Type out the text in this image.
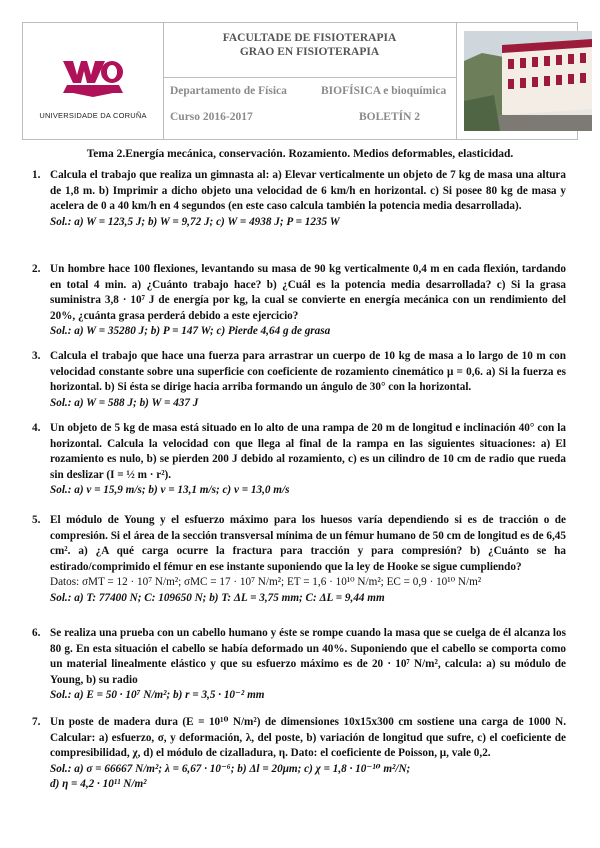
UNIVERSIDADE DA CORUÑA
FACULTADE DE FISIOTERAPIA
GRAO EN FISIOTERAPIA
Departamento de Física	BIOFÍSICA e bioquímica
Curso 2016-2017	BOLETÍN 2
Tema 2.Energía mecánica, conservación. Rozamiento. Medios deformables, elasticidad.
1. Calcula el trabajo que realiza un gimnasta al: a) Elevar verticalmente un objeto de 7 kg de masa una altura de 1,8 m. b) Imprimir a dicho objeto una velocidad de 6 km/h en horizontal. c) Si posee 80 kg de masa y acelera de 0 a 40 km/h en 4 segundos (en este caso calcula también la potencia media desarrollada).

Sol.: a) W = 123,5 J; b) W = 9,72 J; c) W = 4938 J; P = 1235 W

2. Un hombre hace 100 flexiones, levantando su masa de 90 kg verticalmente 0,4 m en cada flexión, tardando en total 4 min. a) ¿Cuánto trabajo hace? b) ¿Cuál es la potencia media desarrollada? c) Si la grasa suministra 3,8 · 10⁷ J de energía por kg, la cual se convierte en energía mecánica con un rendimiento del 20%, ¿cuánta grasa perderá debido a este ejercicio?

Sol.: a) W = 35280 J; b) P = 147 W; c) Pierde 4,64 g de grasa

3. Calcula el trabajo que hace una fuerza para arrastrar un cuerpo de 10 kg de masa a lo largo de 10 m con velocidad constante sobre una superficie con coeficiente de rozamiento cinemático μ = 0,6. a) Si la fuerza es horizontal. b) Si ésta se dirige hacia arriba formando un ángulo de 30° con la horizontal.

Sol.: a) W = 588 J; b) W = 437 J

4. Un objeto de 5 kg de masa está situado en lo alto de una rampa de 20 m de longitud e inclinación 40° con la horizontal. Calcula la velocidad con que llega al final de la rampa en las siguientes situaciones: a) El rozamiento es nulo, b) se pierden 200 J debido al rozamiento, c) es un cilindro de 10 cm de radio que rueda sin deslizar (I = ½ m · r²).

Sol.: a) v = 15,9 m/s; b) v = 13,1 m/s; c) v = 13,0 m/s

5. El módulo de Young y el esfuerzo máximo para los huesos varía dependiendo si es de tracción o de compresión. Si el área de la sección transversal mínima de un fémur humano de 50 cm de longitud es de 6,45 cm². a) ¿A qué carga ocurre la fractura para tracción y para compresión? b) ¿Cuánto se ha estirado/comprimido el fémur en ese instante suponiendo que la ley de Hooke se sigue cumpliendo?

Datos: σMT = 12 · 10⁷ N/m²; σMC = 17 · 10⁷ N/m²; ET = 1,6 · 10¹⁰ N/m²; EC = 0,9 · 10¹⁰ N/m²

Sol.: a) T: 77400 N; C: 109650 N; b) T: ΔL = 3,75 mm; C: ΔL = 9,44 mm

6. Se realiza una prueba con un cabello humano y éste se rompe cuando la masa que se cuelga de él alcanza los 80 g. En esta situación el cabello se había deformado un 40%. Suponiendo que el cabello se comporta como un material linealmente elástico y que su esfuerzo máximo es de 20 · 10⁷ N/m², calcula: a) su módulo de Young, b) su radio

Sol.: a) E = 50 · 10⁷ N/m²; b) r = 3,5 · 10⁻² mm

7. Un poste de madera dura (E = 10¹⁰ N/m²) de dimensiones 10x15x300 cm sostiene una carga de 1000 N. Calcular: a) esfuerzo, σ, y deformación, λ, del poste, b) variación de longitud que sufre, c) el coeficiente de compresibilidad, χ, d) el módulo de cizalladura, η. Dato: el coeficiente de Poisson, μ, vale 0,2.

Sol.: a) σ = 66667 N/m²; λ = 6,67 · 10⁻⁶; b) Δl = 20μm; c) χ = 1,8 · 10⁻¹⁰ m²/N;

d) η = 4,2 · 10¹¹ N/m²
